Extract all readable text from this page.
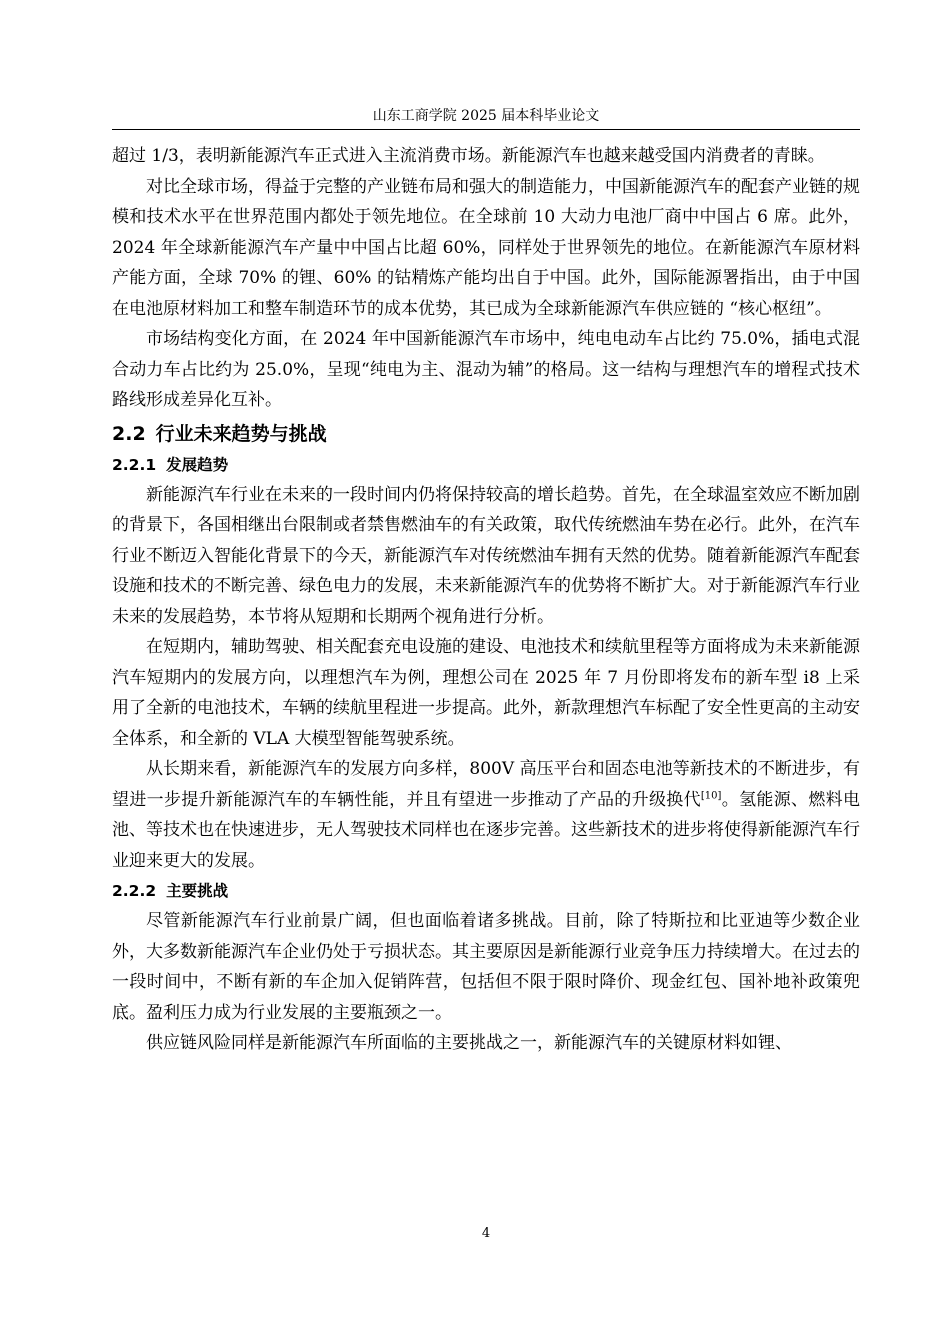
山东工商学院 2025 届本科毕业论文

超过 1/3，表明新能源汽车正式进入主流消费市场。新能源汽车也越来越受国内消费者的青睐。

对比全球市场，得益于完整的产业链布局和强大的制造能力，中国新能源汽车的配套产业链的规模和技术水平在世界范围内都处于领先地位。在全球前 10 大动力电池厂商中中国占 6 席。此外，2024 年全球新能源汽车产量中中国占比超 60%，同样处于世界领先的地位。在新能源汽车原材料产能方面，全球 70% 的锂、60% 的钴精炼产能均出自于中国。此外，国际能源署指出，由于中国在电池原材料加工和整车制造环节的成本优势，其已成为全球新能源汽车供应链的 “核心枢纽”。

市场结构变化方面，在 2024 年中国新能源汽车市场中，纯电电动车占比约 75.0%，插电式混合动力车占比约为 25.0%，呈现“纯电为主、混动为辅”的格局。这一结构与理想汽车的增程式技术路线形成差异化互补。

2.2 行业未来趋势与挑战
2.2.1 发展趋势

新能源汽车行业在未来的一段时间内仍将保持较高的增长趋势。首先，在全球温室效应不断加剧的背景下，各国相继出台限制或者禁售燃油车的有关政策，取代传统燃油车势在必行。此外，在汽车行业不断迈入智能化背景下的今天，新能源汽车对传统燃油车拥有天然的优势。随着新能源汽车配套设施和技术的不断完善、绿色电力的发展，未来新能源汽车的优势将不断扩大。对于新能源汽车行业未来的发展趋势，本节将从短期和长期两个视角进行分析。

在短期内，辅助驾驶、相关配套充电设施的建设、电池技术和续航里程等方面将成为未来新能源汽车短期内的发展方向，以理想汽车为例，理想公司在 2025 年 7 月份即将发布的新车型 i8 上采用了全新的电池技术，车辆的续航里程进一步提高。此外，新款理想汽车标配了安全性更高的主动安全体系，和全新的 VLA 大模型智能驾驶系统。

从长期来看，新能源汽车的发展方向多样，800V 高压平台和固态电池等新技术的不断进步，有望进一步提升新能源汽车的车辆性能，并且有望进一步推动了产品的升级换代[10]。氢能源、燃料电池、等技术也在快速进步，无人驾驶技术同样也在逐步完善。这些新技术的进步将使得新能源汽车行业迎来更大的发展。

2.2.2 主要挑战

尽管新能源汽车行业前景广阔，但也面临着诸多挑战。目前，除了特斯拉和比亚迪等少数企业外，大多数新能源汽车企业仍处于亏损状态。其主要原因是新能源行业竞争压力持续增大。在过去的一段时间中，不断有新的车企加入促销阵营，包括但不限于限时降价、现金红包、国补地补政策兜底。盈利压力成为行业发展的主要瓶颈之一。

供应链风险同样是新能源汽车所面临的主要挑战之一，新能源汽车的关键原材料如锂、

4
